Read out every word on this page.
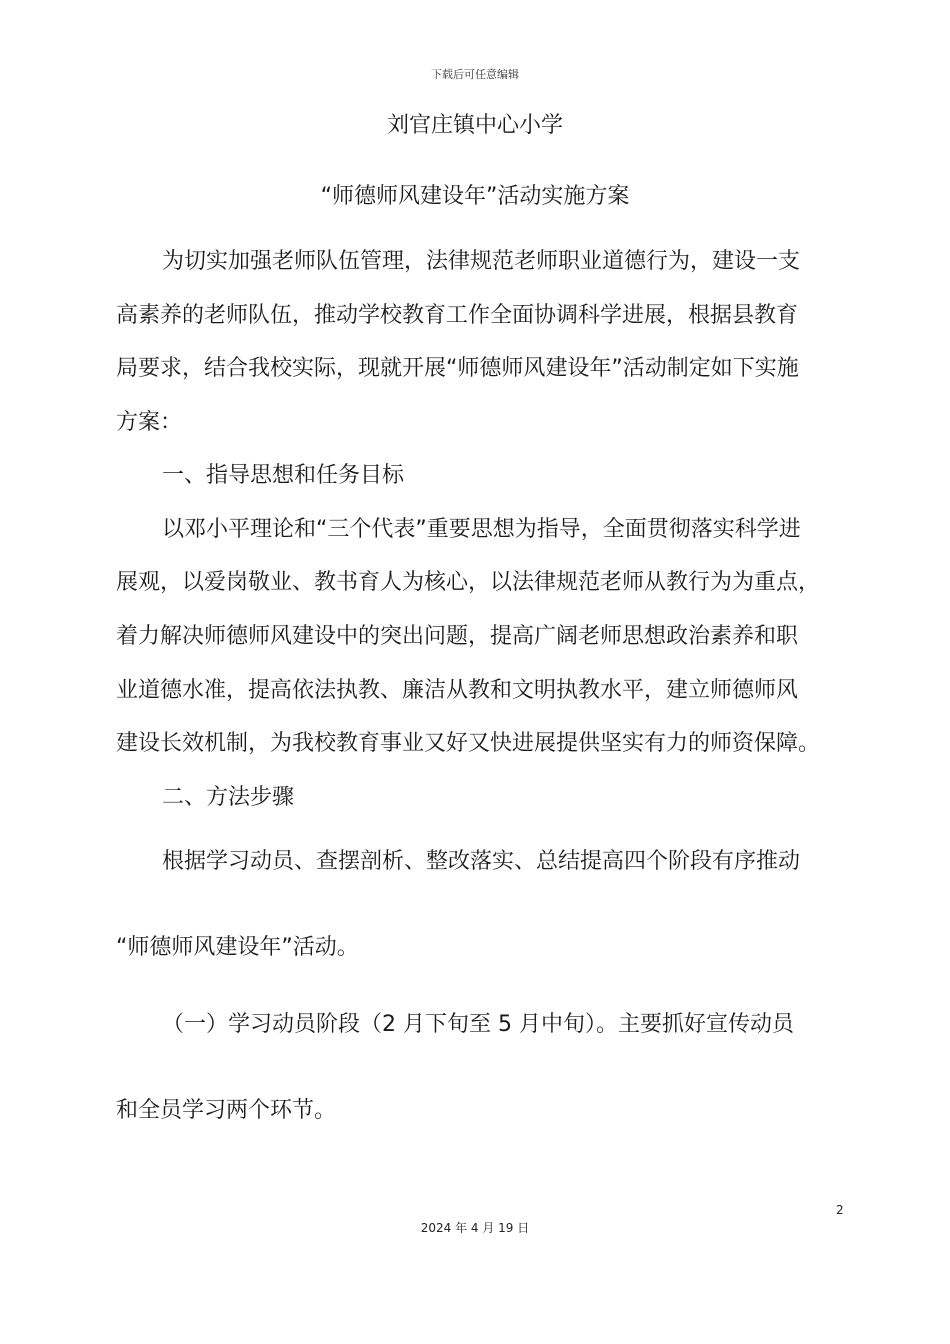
下载后可任意编辑
刘官庄镇中心小学
“师德师风建设年”活动实施方案
为切实加强老师队伍管理，法律规范老师职业道德行为，建设一支
高素养的老师队伍，推动学校教育工作全面协调科学进展，根据县教育
局要求，结合我校实际，现就开展“师德师风建设年”活动制定如下实施
方案：
一、指导思想和任务目标
以邓小平理论和“三个代表”重要思想为指导，全面贯彻落实科学进
展观，以爱岗敬业、教书育人为核心，以法律规范老师从教行为为重点，
着力解决师德师风建设中的突出问题，提高广阔老师思想政治素养和职
业道德水准，提高依法执教、廉洁从教和文明执教水平，建立师德师风
建设长效机制，为我校教育事业又好又快进展提供坚实有力的师资保障。
二、方法步骤
根据学习动员、查摆剖析、整改落实、总结提高四个阶段有序推动
“师德师风建设年”活动。
（一）学习动员阶段（2 月下旬至 5 月中旬）。主要抓好宣传动员
和全员学习两个环节。
2
2024 年 4 月 19 日
